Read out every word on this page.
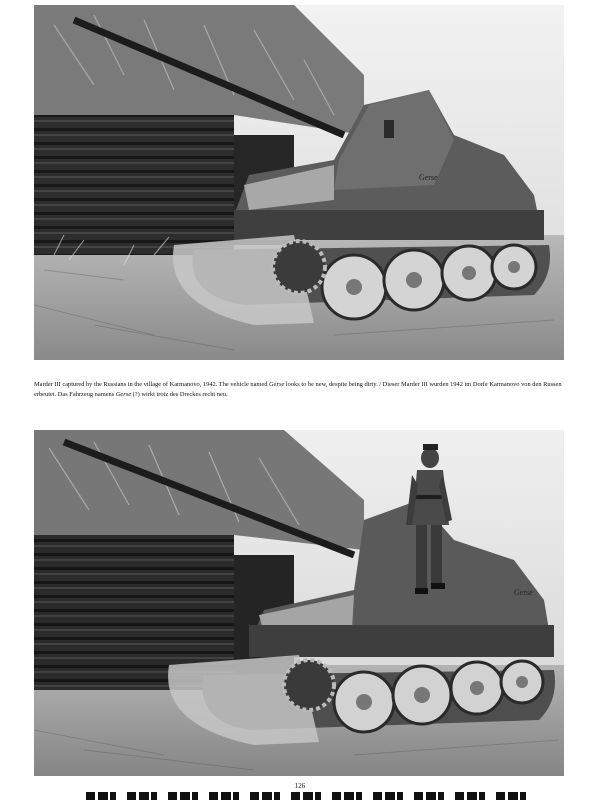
Gerse
Marder III captured by the Russians in the village of Karmanovo, 1942. The vehicle named Gerse looks to be new, despite being dirty. / Dieser Marder III wurden 1942 im Dorfe Karmanovo von den Russen erbeutet. Das Fahrzeug namens Gerse (?) wirkt trotz des Dreckes recht neu.
Gerse
126
